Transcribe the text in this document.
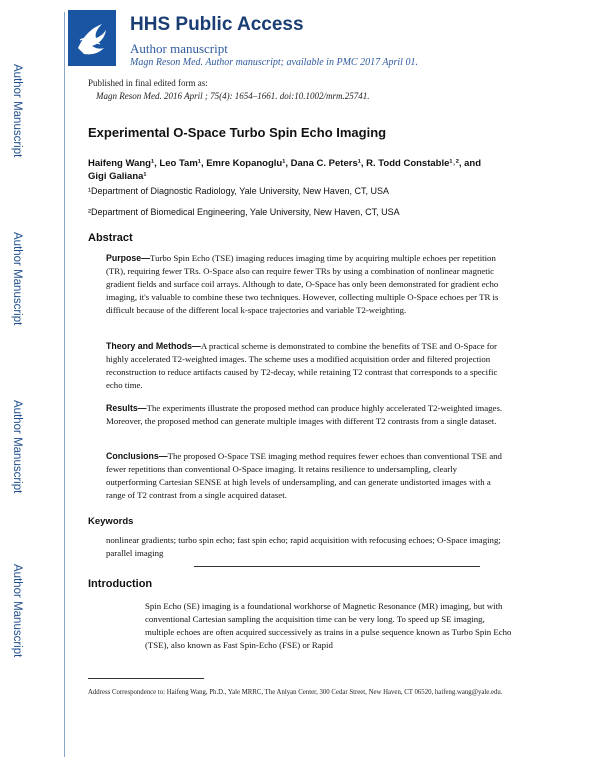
Author Manuscript
Author Manuscript
Author Manuscript
Author Manuscript
HHS Public Access
Author manuscript
Magn Reson Med. Author manuscript; available in PMC 2017 April 01.
Published in final edited form as:
Magn Reson Med. 2016 April ; 75(4): 1654–1661. doi:10.1002/mrm.25741.
Experimental O-Space Turbo Spin Echo Imaging
Haifeng Wang¹, Leo Tam¹, Emre Kopanoglu¹, Dana C. Peters¹, R. Todd Constable¹˒², and
Gigi Galiana¹
¹Department of Diagnostic Radiology, Yale University, New Haven, CT, USA
²Department of Biomedical Engineering, Yale University, New Haven, CT, USA
Abstract
Purpose—Turbo Spin Echo (TSE) imaging reduces imaging time by acquiring multiple echoes per repetition (TR), requiring fewer TRs. O-Space also can require fewer TRs by using a combination of nonlinear magnetic gradient fields and surface coil arrays. Although to date, O-Space has only been demonstrated for gradient echo imaging, it's valuable to combine these two techniques. However, collecting multiple O-Space echoes per TR is difficult because of the different local k-space trajectories and variable T2-weighting.
Theory and Methods—A practical scheme is demonstrated to combine the benefits of TSE and O-Space for highly accelerated T2-weighted images. The scheme uses a modified acquisition order and filtered projection reconstruction to reduce artifacts caused by T2-decay, while retaining T2 contrast that corresponds to a specific echo time.
Results—The experiments illustrate the proposed method can produce highly accelerated T2-weighted images. Moreover, the proposed method can generate multiple images with different T2 contrasts from a single dataset.
Conclusions—The proposed O-Space TSE imaging method requires fewer echoes than conventional TSE and fewer repetitions than conventional O-Space imaging. It retains resilience to undersampling, clearly outperforming Cartesian SENSE at high levels of undersampling, and can generate undistorted images with a range of T2 contrast from a single acquired dataset.
Keywords
nonlinear gradients; turbo spin echo; fast spin echo; rapid acquisition with refocusing echoes; O-Space imaging; parallel imaging
Introduction
Spin Echo (SE) imaging is a foundational workhorse of Magnetic Resonance (MR) imaging, but with conventional Cartesian sampling the acquisition time can be very long. To speed up SE imaging, multiple echoes are often acquired successively as trains in a pulse sequence known as Turbo Spin Echo (TSE), also known as Fast Spin-Echo (FSE) or Rapid
Address Correspondence to: Haifeng Wang, Ph.D., Yale MRRC, The Anlyan Center, 300 Cedar Street, New Haven, CT 06520, haifeng.wang@yale.edu.
